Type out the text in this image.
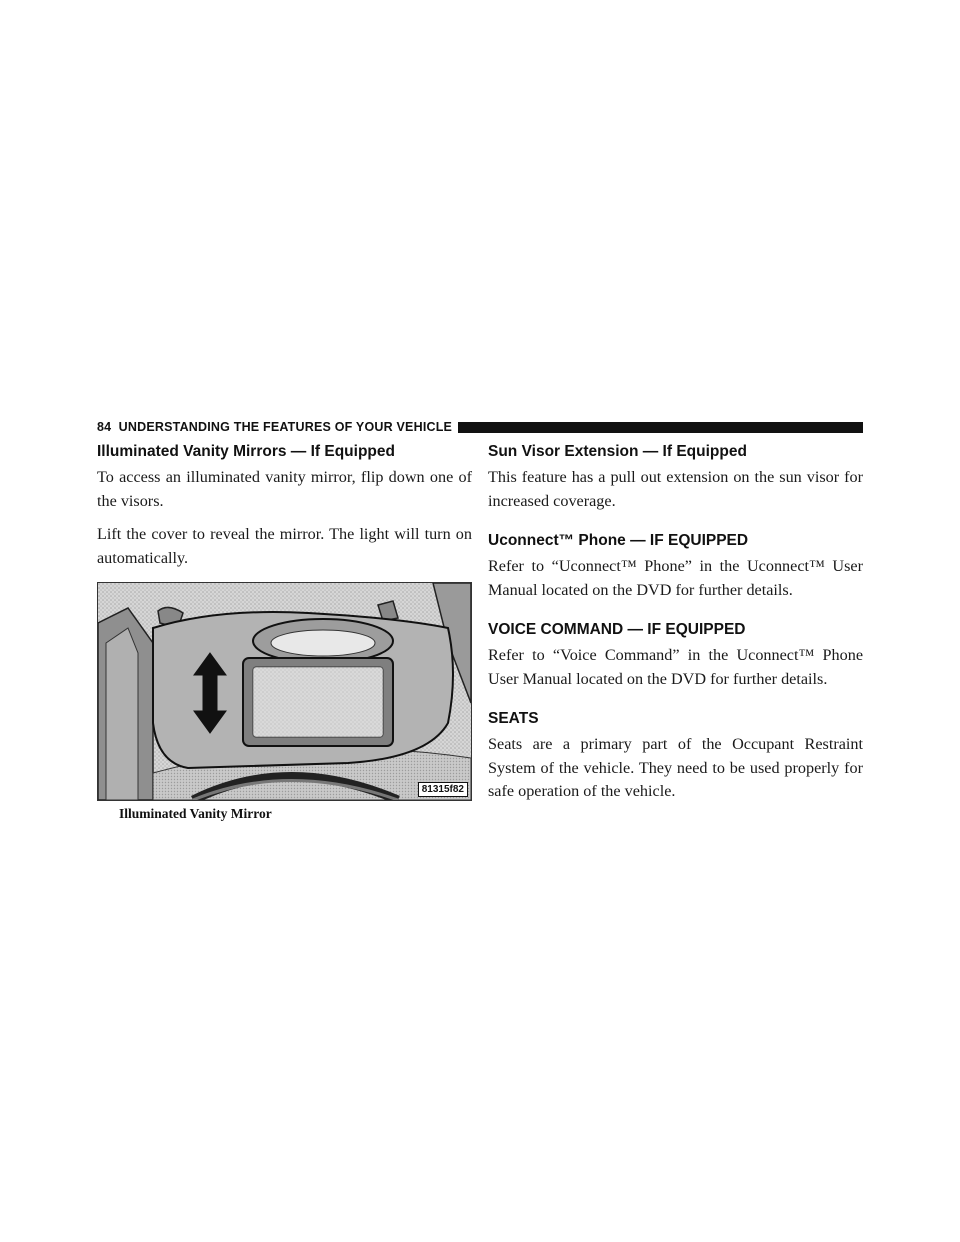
84 UNDERSTANDING THE FEATURES OF YOUR VEHICLE
Illuminated Vanity Mirrors — If Equipped

To access an illuminated vanity mirror, flip down one of the visors.

Lift the cover to reveal the mirror. The light will turn on automatically.

81315f82
Illuminated Vanity Mirror
Sun Visor Extension — If Equipped

This feature has a pull out extension on the sun visor for increased coverage.

Uconnect™ Phone — IF EQUIPPED

Refer to “Uconnect™ Phone” in the Uconnect™ User Manual located on the DVD for further details.

VOICE COMMAND — IF EQUIPPED

Refer to “Voice Command” in the Uconnect™ Phone User Manual located on the DVD for further details.

SEATS

Seats are a primary part of the Occupant Restraint System of the vehicle. They need to be used properly for safe operation of the vehicle.
